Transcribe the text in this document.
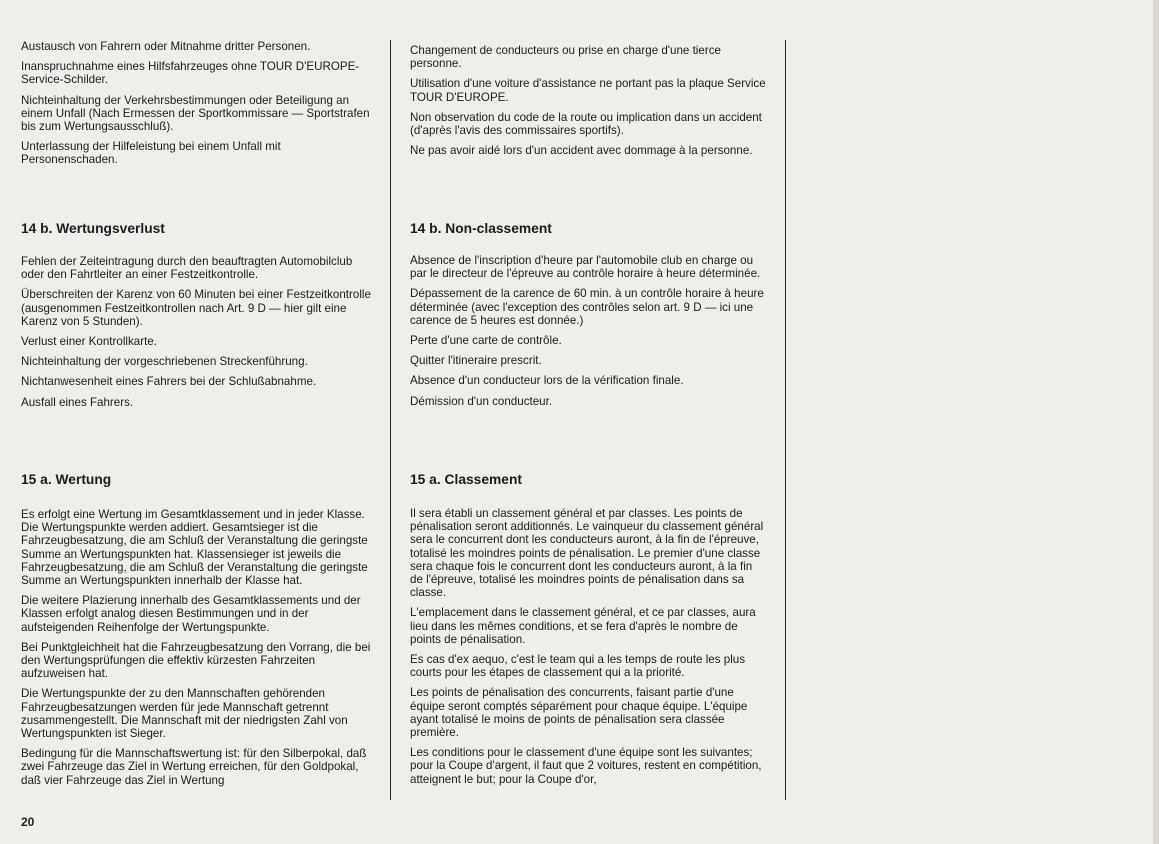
Austausch von Fahrern oder Mitnahme dritter Personen.

Inanspruchnahme eines Hilfsfahrzeuges ohne TOUR D'EUROPE-Service-Schilder.

Nichteinhaltung der Verkehrsbestimmungen oder Beteiligung an einem Unfall (Nach Ermessen der Sportkommissare — Sportstrafen bis zum Wertungsausschluß).

Unterlassung der Hilfeleistung bei einem Unfall mit Personenschaden.

14 b. Wertungsverlust

Fehlen der Zeiteintragung durch den beauftragten Automobilclub oder den Fahrtleiter an einer Festzeitkontrolle.

Überschreiten der Karenz von 60 Minuten bei einer Festzeitkontrolle (ausgenommen Festzeitkontrollen nach Art. 9 D — hier gilt eine Karenz von 5 Stunden).

Verlust einer Kontrollkarte.

Nichteinhaltung der vorgeschriebenen Streckenführung.

Nichtanwesenheit eines Fahrers bei der Schlußabnahme.

Ausfall eines Fahrers.

15 a. Wertung

Es erfolgt eine Wertung im Gesamtklassement und in jeder Klasse. Die Wertungspunkte werden addiert. Gesamtsieger ist die Fahrzeugbesatzung, die am Schluß der Veranstaltung die geringste Summe an Wertungspunkten hat. Klassensieger ist jeweils die Fahrzeugbesatzung, die am Schluß der Veranstaltung die geringste Summe an Wertungspunkten innerhalb der Klasse hat.

Die weitere Plazierung innerhalb des Gesamtklassements und der Klassen erfolgt analog diesen Bestimmungen und in der aufsteigenden Reihenfolge der Wertungspunkte.

Bei Punktgleichheit hat die Fahrzeugbesatzung den Vorrang, die bei den Wertungsprüfungen die effektiv kürzesten Fahrzeiten aufzuweisen hat.

Die Wertungspunkte der zu den Mannschaften gehörenden Fahrzeugbesatzungen werden für jede Mannschaft getrennt zusammengestellt. Die Mannschaft mit der niedrigsten Zahl von Wertungspunkten ist Sieger.

Bedingung für die Mannschaftswertung ist: für den Silberpokal, daß zwei Fahrzeuge das Ziel in Wertung erreichen, für den Goldpokal, daß vier Fahrzeuge das Ziel in Wertung

Changement de conducteurs ou prise en charge d'une tierce personne.

Utilisation d'une voiture d'assistance ne portant pas la plaque Service TOUR D'EUROPE.

Non observation du code de la route ou implication dans un accident (d'après l'avis des commissaires sportifs).

Ne pas avoir aidé lors d'un accident avec dommage à la personne.

14 b. Non-classement

Absence de l'inscription d'heure par l'automobile club en charge ou par le directeur de l'épreuve au contrôle horaire à heure déterminée.

Dépassement de la carence de 60 min. à un contrôle horaire à heure déterminée (avec l'exception des contrôles selon art. 9 D — ici une carence de 5 heures est donnée.)

Perte d'une carte de contrôle.

Quitter l'itineraire prescrit.

Absence d'un conducteur lors de la vérification finale.

Démission d'un conducteur.

15 a. Classement

Il sera établi un classement général et par classes. Les points de pénalisation seront additionnés. Le vainqueur du classement général sera le concurrent dont les conducteurs auront, à la fin de l'épreuve, totalisé les moindres points de pénalisation. Le premier d'une classe sera chaque fois le concurrent dont les conducteurs auront, à la fin de l'épreuve, totalisé les moindres points de pénalisation dans sa classe.

L'emplacement dans le classement général, et ce par classes, aura lieu dans les mêmes conditions, et se fera d'après le nombre de points de pénalisation.

Es cas d'ex aequo, c'est le team qui a les temps de route les plus courts pour les étapes de classement qui a la priorité.

Les points de pénalisation des concurrents, faisant partie d'une équipe seront comptés séparément pour chaque équipe. L'équipe ayant totalisé le moins de points de pénalisation sera classée première.

Les conditions pour le classement d'une équipe sont les suivantes; pour la Coupe d'argent, il faut que 2 voitures, restent en compétition, atteignent le but; pour la Coupe d'or,

20
